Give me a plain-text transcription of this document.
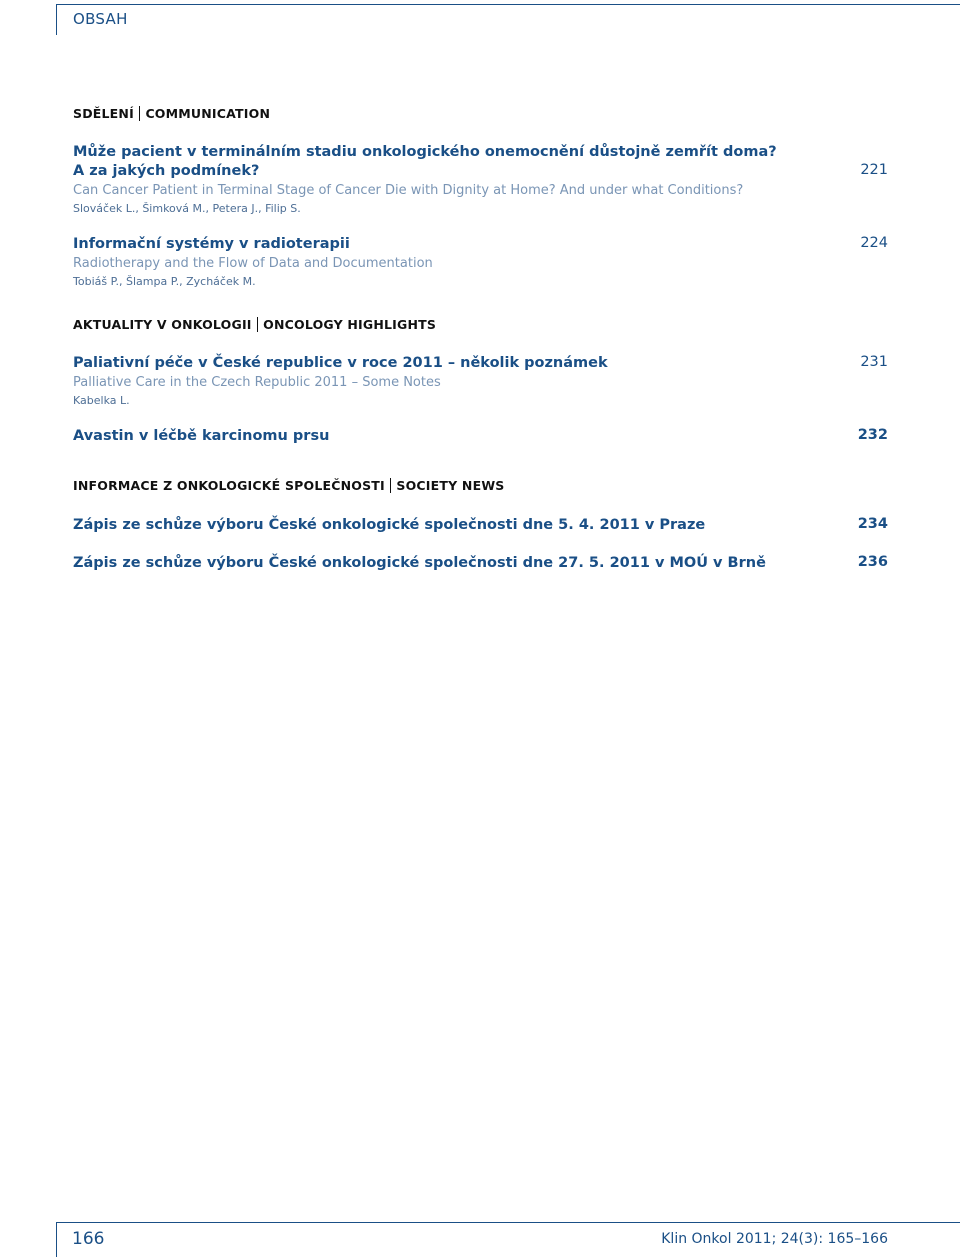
OBSAH
SDĚLENÍ COMMUNICATION
Může pacient v terminálním stadiu onkologického onemocnění důstojně zemřít doma?
A za jakých podmínek?	221
Can Cancer Patient in Terminal Stage of Cancer Die with Dignity at Home? And under what Conditions?
Slováček L., Šimková M., Petera J., Filip S.
Informační systémy v radioterapii	224
Radiotherapy and the Flow of Data and Documentation
Tobiáš P., Šlampa P., Zycháček M.
AKTUALITY V ONKOLOGII ONCOLOGY HIGHLIGHTS
Paliativní péče v České republice v roce 2011 – několik poznámek	231
Palliative Care in the Czech Republic 2011 – Some Notes
Kabelka L.
Avastin v léčbě karcinomu prsu	232
INFORMACE Z ONKOLOGICKÉ SPOLEČNOSTI SOCIETY NEWS
Zápis ze schůze výboru České onkologické společnosti dne 5. 4. 2011 v Praze	234
Zápis ze schůze výboru České onkologické společnosti dne 27. 5. 2011 v MOÚ v Brně	236
166	Klin Onkol 2011; 24(3): 165–166
